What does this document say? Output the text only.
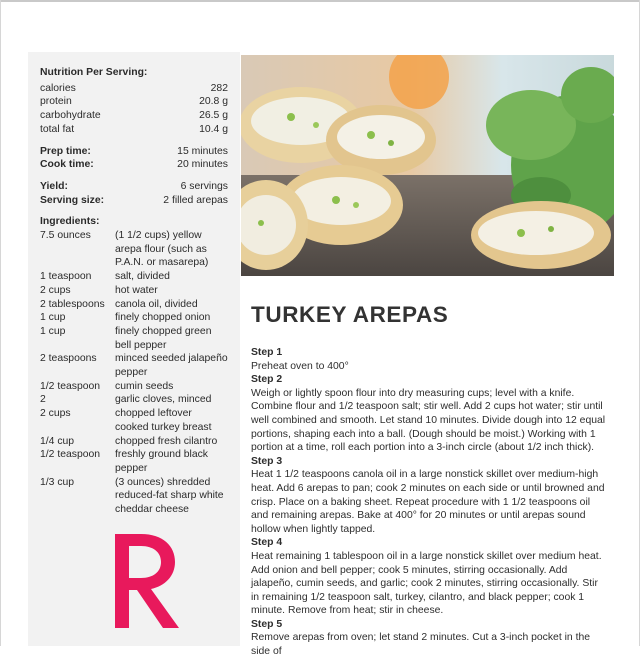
Nutrition Per Serving:
calories	282
protein	20.8 g
carbohydrate	26.5 g
total fat	10.4 g
Prep time:	15 minutes
Cook time:	20 minutes
Yield:	6 servings
Serving size:	2 filled arepas

Ingredients:

7.5 ounces	(1 1/2 cups) yellow arepa flour (such as P.A.N. or masarepa)
1 teaspoon	salt, divided
2 cups	hot water
2 tablespoons canola oil, divided
1 cup	finely chopped onion
1 cup	finely chopped green bell pepper
2 teaspoons	minced seeded jalapeño pepper
1/2 teaspoon	cumin seeds
2	garlic cloves, minced
2 cups	chopped leftover cooked turkey breast
1/4 cup	chopped fresh cilantro
1/2 teaspoon	freshly ground black pepper
1/3 cup	(3 ounces) shredded reduced-fat sharp white cheddar cheese
TURKEY AREPAS

Step 1

Preheat oven to 400°

Step 2

Weigh or lightly spoon flour into dry measuring cups; level with a knife. Combine flour and 1/2 teaspoon salt; stir well. Add 2 cups hot water; stir until well combined and smooth. Let stand 10 minutes. Divide dough into 12 equal portions, shaping each into a ball. (Dough should be moist.) Working with 1 portion at a time, roll each portion into a 3-inch circle (about 1/2 inch thick).

Step 3

Heat 1 1/2 teaspoons canola oil in a large nonstick skillet over medium-high heat. Add 6 arepas to pan; cook 2 minutes on each side or until browned and crisp. Place on a baking sheet. Repeat procedure with 1 1/2 teaspoons oil and remaining arepas. Bake at 400° for 20 minutes or until arepas sound hollow when lightly tapped.

Step 4

Heat remaining 1 tablespoon oil in a large nonstick skillet over medium heat. Add onion and bell pepper; cook 5 minutes, stirring occasionally. Add jalapeño, cumin seeds, and garlic; cook 2 minutes, stirring occasionally. Stir in remaining 1/2 teaspoon salt, turkey, cilantro, and black pepper; cook 1 minute. Remove from heat; stir in cheese.

Step 5

Remove arepas from oven; let stand 2 minutes. Cut a 3-inch pocket in the side of
